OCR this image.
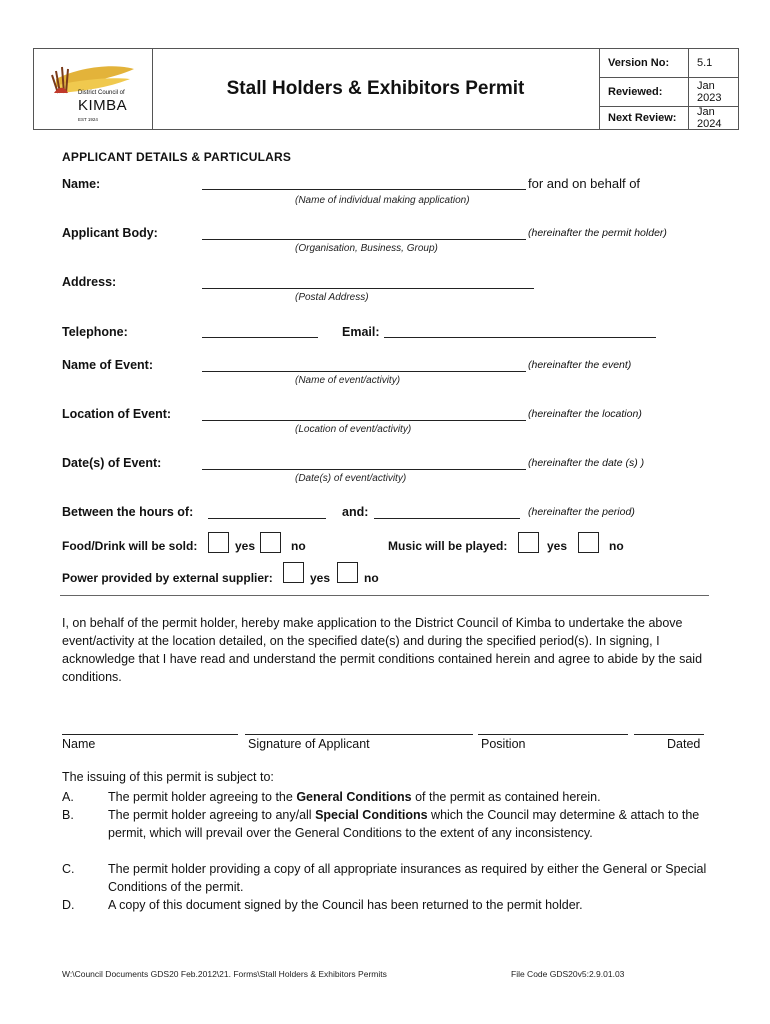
District Council of
KIMBA
EST 1924
Stall Holders & Exhibitors Permit
Version No:	5.1
Reviewed:	Jan 2023
Next Review:	Jan 2024
APPLICANT DETAILS & PARTICULARS
Name:	for and on behalf of
(Name of individual making application)
Applicant Body:	(hereinafter the permit holder)
(Organisation, Business, Group)
Address:
(Postal Address)
Telephone:	Email:
Name of Event:	(hereinafter the event)
(Name of event/activity)
Location of Event:	(hereinafter the location)
(Location of event/activity)
Date(s) of Event:	(hereinafter the date (s) )
(Date(s) of event/activity)
Between the hours of:	and:	(hereinafter the period)
Food/Drink will be sold:	yes	no	Music will be played:	yes	no
Power provided by external supplier:	yes	no
I, on behalf of the permit holder, hereby make application to the District Council of Kimba to undertake the above event/activity at the location detailed, on the specified date(s) and during the specified period(s). In signing, I acknowledge that I have read and understand the permit conditions contained herein and agree to abide by the said conditions.
Name	Signature of Applicant	Position	Dated
The issuing of this permit is subject to:
A.	The permit holder agreeing to the General Conditions of the permit as contained herein.
B.	The permit holder agreeing to any/all Special Conditions which the Council may determine & attach to the permit, which will prevail over the General Conditions to the extent of any inconsistency.
C.	The permit holder providing a copy of all appropriate insurances as required by either the General or Special Conditions of the permit.
D.	A copy of this document signed by the Council has been returned to the permit holder.
W:\Council Documents GDS20 Feb.2012\21. Forms\Stall Holders & Exhibitors Permits	File Code GDS20v5:2.9.01.03
